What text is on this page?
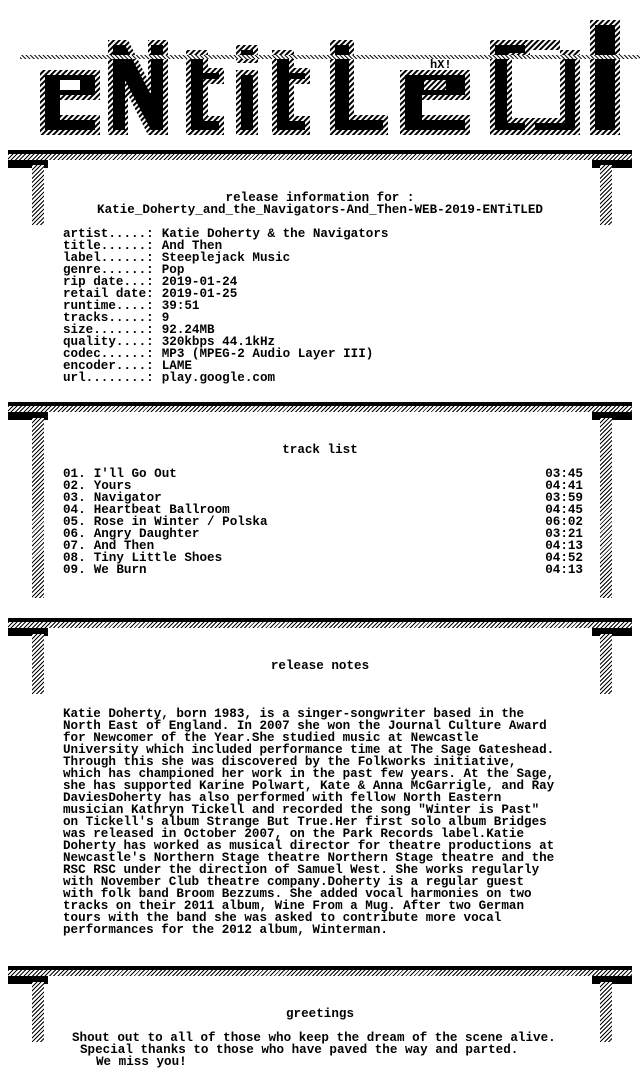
hX!
release information for :
Katie_Doherty_and_the_Navigators-And_Then-WEB-2019-ENTiTLED
artist.....: Katie Doherty & the Navigators
title......: And Then
label......: Steeplejack Music
genre......: Pop
rip date...: 2019-01-24
retail date: 2019-01-25
runtime....: 39:51
tracks.....: 9
size.......: 92.24MB
quality....: 320kbps 44.1kHz
codec......: MP3 (MPEG-2 Audio Layer III)
encoder....: LAME
url........: play.google.com
track list
01. I'll Go Out	03:45
02. Yours	04:41
03. Navigator	03:59
04. Heartbeat Ballroom	04:45
05. Rose in Winter / Polska	06:02
06. Angry Daughter	03:21
07. And Then	04:13
08. Tiny Little Shoes	04:52
09. We Burn	04:13
release notes
Katie Doherty, born 1983, is a singer-songwriter based in the
North East of England. In 2007 she won the Journal Culture Award
for Newcomer of the Year.She studied music at Newcastle
University which included performance time at The Sage Gateshead.
Through this she was discovered by the Folkworks initiative,
which has championed her work in the past few years. At the Sage,
she has supported Karine Polwart, Kate & Anna McGarrigle, and Ray
DaviesDoherty has also performed with fellow North Eastern
musician Kathryn Tickell and recorded the song "Winter is Past"
on Tickell's album Strange But True.Her first solo album Bridges
was released in October 2007, on the Park Records label.Katie
Doherty has worked as musical director for theatre productions at
Newcastle's Northern Stage theatre Northern Stage theatre and the
RSC RSC under the direction of Samuel West. She works regularly
with November Club theatre company.Doherty is a regular guest
with folk band Broom Bezzums. She added vocal harmonies on two
tracks on their 2011 album, Wine From a Mug. After two German
tours with the band she was asked to contribute more vocal
performances for the 2012 album, Winterman.
greetings
Shout out to all of those who keep the dream of the scene alive.
Special thanks to those who have paved the way and parted.
We miss you!
